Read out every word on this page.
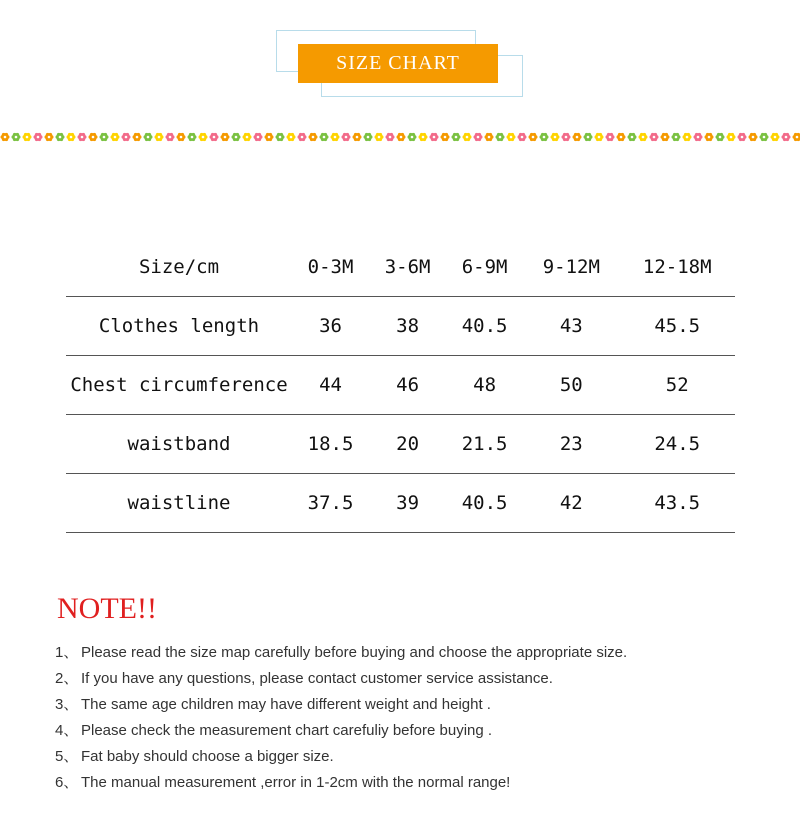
SIZE CHART
Size/cm	0-3M	3-6M	6-9M	9-12M	12-18M
Clothes length	36	38	40.5	43	45.5
Chest circumference	44	46	48	50	52
waistband	18.5	20	21.5	23	24.5
waistline	37.5	39	40.5	42	43.5
NOTE!!
1、 Please read the size map carefully before buying and choose the appropriate size.
2、 If you have any questions, please contact customer service assistance.
3、 The same age children may have different weight and height .
4、 Please check the measurement chart carefuliy before buying .
5、 Fat baby should choose a bigger size.
6、 The manual measurement ,error in 1-2cm with the normal range!
